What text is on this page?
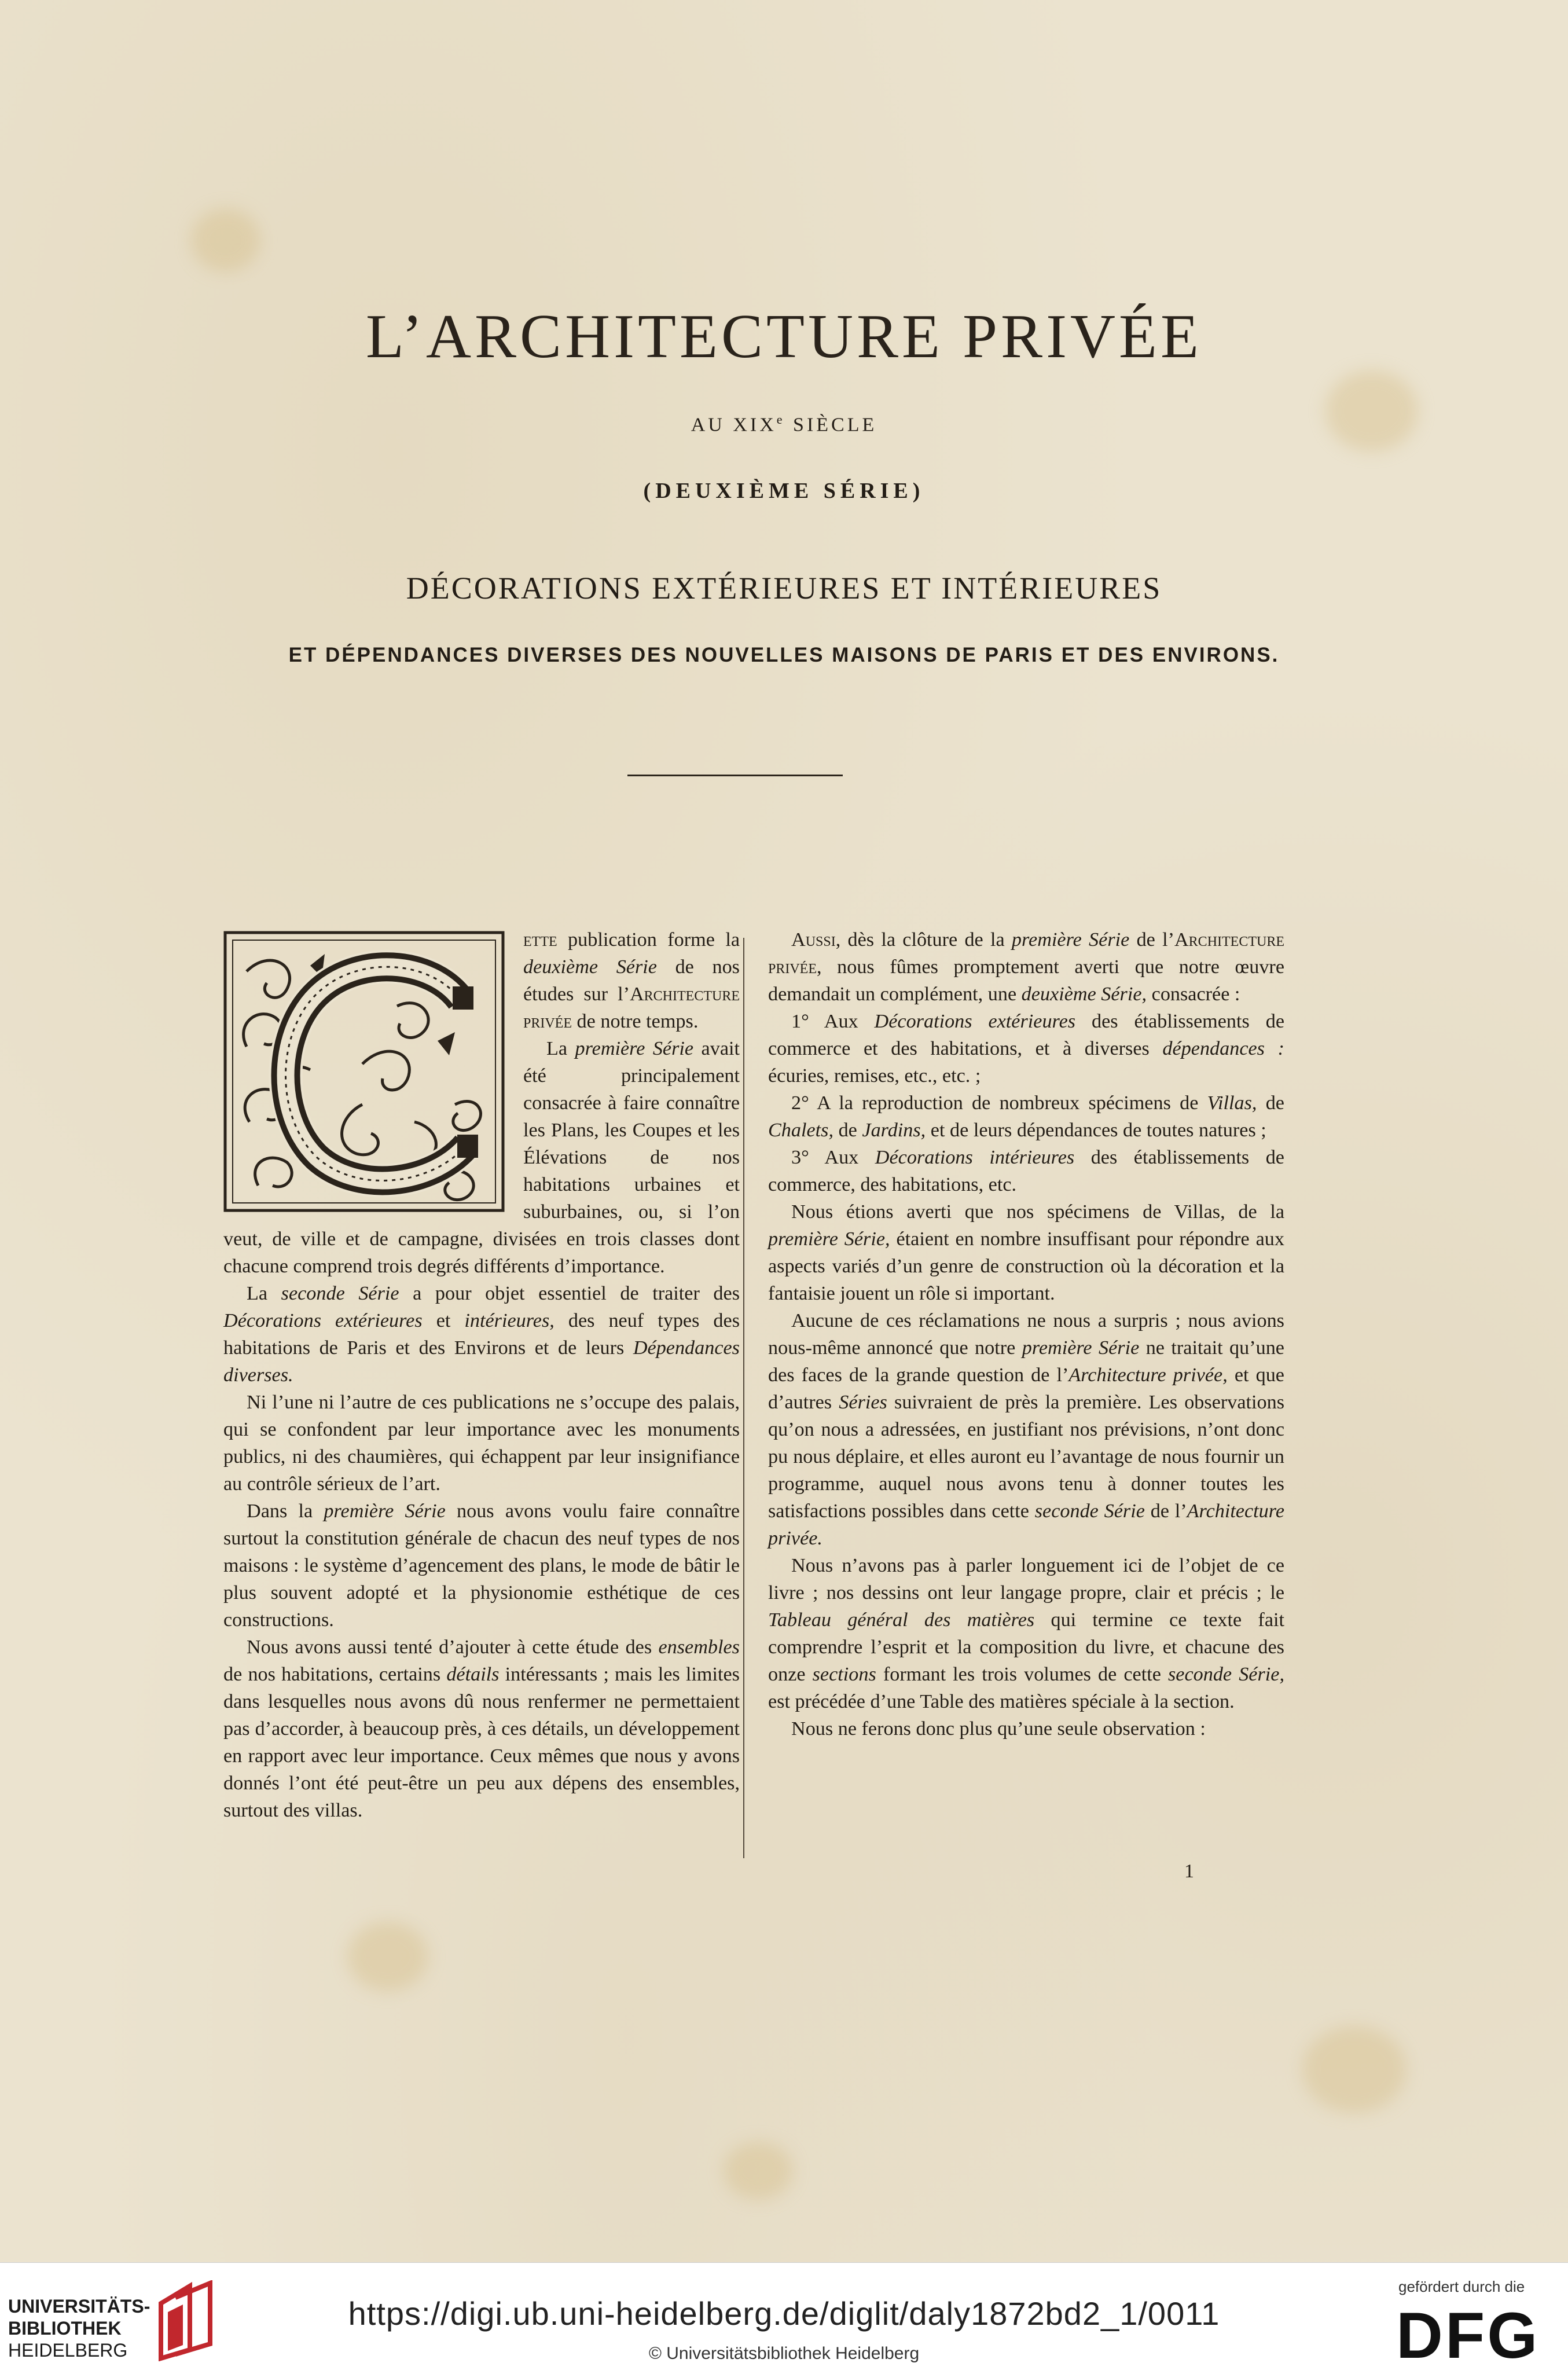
L’ARCHITECTURE PRIVÉE
AU XIXe SIÈCLE
(DEUXIÈME SÉRIE)
DÉCORATIONS EXTÉRIEURES ET INTÉRIEURES
ET DÉPENDANCES DIVERSES DES NOUVELLES MAISONS DE PARIS ET DES ENVIRONS.

ette publication forme la deuxième Série de nos études sur l’Architecture privée de notre temps.

La première Série avait été principalement consacrée à faire connaître les Plans, les Coupes et les Élévations de nos habitations urbaines et suburbaines, ou, si l’on veut, de ville et de campagne, divisées en trois classes dont chacune comprend trois degrés différents d’importance.

La seconde Série a pour objet essentiel de traiter des Décorations extérieures et intérieures, des neuf types des habitations de Paris et des Environs et de leurs Dépendances diverses.

Ni l’une ni l’autre de ces publications ne s’occupe des palais, qui se confondent par leur importance avec les monuments publics, ni des chaumières, qui échappent par leur insignifiance au contrôle sérieux de l’art.

Dans la première Série nous avons voulu faire connaître surtout la constitution générale de chacun des neuf types de nos maisons : le système d’agencement des plans, le mode de bâtir le plus souvent adopté et la physionomie esthétique de ces constructions.

Nous avons aussi tenté d’ajouter à cette étude des ensembles de nos habitations, certains détails intéressants ; mais les limites dans lesquelles nous avons dû nous renfermer ne permettaient pas d’accorder, à beaucoup près, à ces détails, un développement en rapport avec leur importance. Ceux mêmes que nous y avons donnés l’ont été peut-être un peu aux dépens des ensembles, surtout des villas.

Aussi, dès la clôture de la première Série de l’Architecture privée, nous fûmes promptement averti que notre œuvre demandait un complément, une deuxième Série, consacrée :

1° Aux Décorations extérieures des établissements de commerce et des habitations, et à diverses dépendances : écuries, remises, etc., etc. ;

2° A la reproduction de nombreux spécimens de Villas, de Chalets, de Jardins, et de leurs dépendances de toutes natures ;

3° Aux Décorations intérieures des établissements de commerce, des habitations, etc.

Nous étions averti que nos spécimens de Villas, de la première Série, étaient en nombre insuffisant pour répondre aux aspects variés d’un genre de construction où la décoration et la fantaisie jouent un rôle si important.

Aucune de ces réclamations ne nous a surpris ; nous avions nous-même annoncé que notre première Série ne traitait qu’une des faces de la grande question de l’Architecture privée, et que d’autres Séries suivraient de près la première. Les observations qu’on nous a adressées, en justifiant nos prévisions, n’ont donc pu nous déplaire, et elles auront eu l’avantage de nous fournir un programme, auquel nous avons tenu à donner toutes les satisfactions possibles dans cette seconde Série de l’Architecture privée.

Nous n’avons pas à parler longuement ici de l’objet de ce livre ; nos dessins ont leur langage propre, clair et précis ; le Tableau général des matières qui termine ce texte fait comprendre l’esprit et la composition du livre, et chacune des onze sections formant les trois volumes de cette seconde Série, est précédée d’une Table des matières spéciale à la section.

Nous ne ferons donc plus qu’une seule observation :

1
UNIVERSITÄTS-
BIBLIOTHEK
HEIDELBERG
https://digi.ub.uni-heidelberg.de/diglit/daly1872bd2_1/0011
© Universitätsbibliothek Heidelberg
gefördert durch die
DFG
